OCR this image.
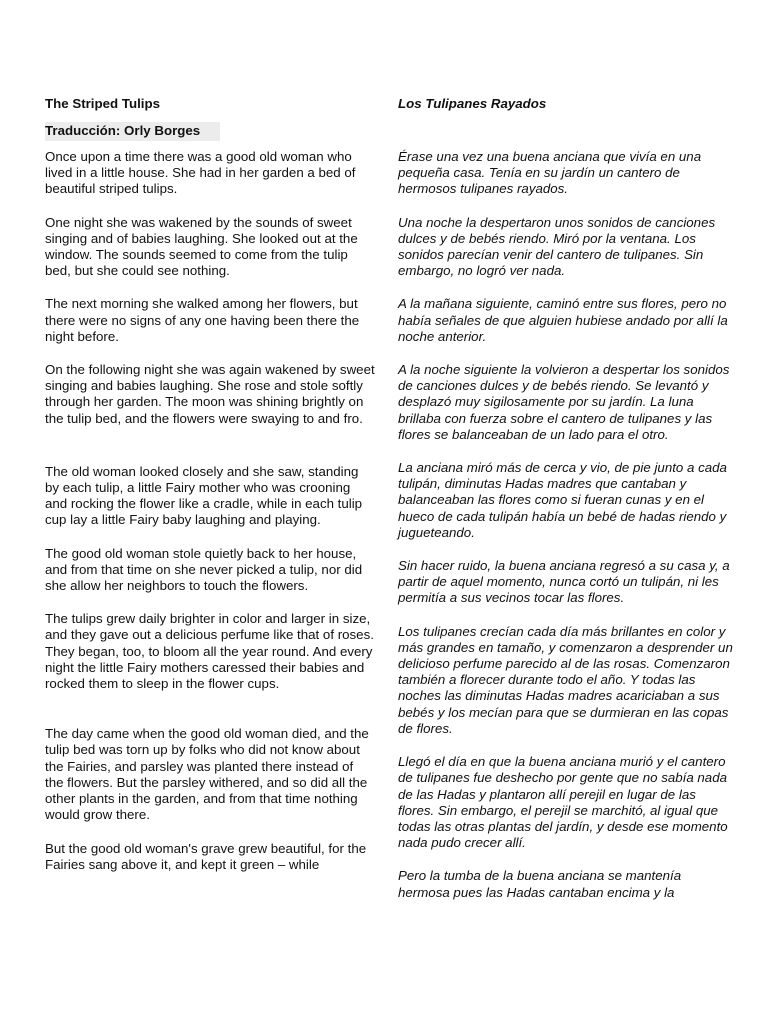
The Striped Tulips
Traducción: Orly Borges

Once upon a time there was a good old woman who lived in a little house. She had in her garden a bed of beautiful striped tulips.

One night she was wakened by the sounds of sweet singing and of babies laughing. She looked out at the window. The sounds seemed to come from the tulip bed, but she could see nothing.

The next morning she walked among her flowers, but there were no signs of any one having been there the night before.

On the following night she was again wakened by sweet singing and babies laughing. She rose and stole softly through her garden. The moon was shining brightly on the tulip bed, and the flowers were swaying to and fro.

The old woman looked closely and she saw, standing by each tulip, a little Fairy mother who was crooning and rocking the flower like a cradle, while in each tulip cup lay a little Fairy baby laughing and playing.

The good old woman stole quietly back to her house, and from that time on she never picked a tulip, nor did she allow her neighbors to touch the flowers.

The tulips grew daily brighter in color and larger in size, and they gave out a delicious perfume like that of roses. They began, too, to bloom all the year round. And every night the little Fairy mothers caressed their babies and rocked them to sleep in the flower cups.

The day came when the good old woman died, and the tulip bed was torn up by folks who did not know about the Fairies, and parsley was planted there instead of the flowers. But the parsley withered, and so did all the other plants in the garden, and from that time nothing would grow there.

But the good old woman's grave grew beautiful, for the Fairies sang above it, and kept it green – while

Los Tulipanes Rayados

Érase una vez una buena anciana que vivía en una pequeña casa. Tenía en su jardín un cantero de hermosos tulipanes rayados.

Una noche la despertaron unos sonidos de canciones dulces y de bebés riendo. Miró por la ventana. Los sonidos parecían venir del cantero de tulipanes. Sin embargo, no logró ver nada.

A la mañana siguiente, caminó entre sus flores, pero no había señales de que alguien hubiese andado por allí la noche anterior.

A la noche siguiente la volvieron a despertar los sonidos de canciones dulces y de bebés riendo. Se levantó y desplazó muy sigilosamente por su jardín. La luna brillaba con fuerza sobre el cantero de tulipanes y las flores se balanceaban de un lado para el otro.

La anciana miró más de cerca y vio, de pie junto a cada tulipán, diminutas Hadas madres que cantaban y balanceaban las flores como si fueran cunas y en el hueco de cada tulipán había un bebé de hadas riendo y jugueteando.

Sin hacer ruido, la buena anciana regresó a su casa y, a partir de aquel momento, nunca cortó un tulipán, ni les permitía a sus vecinos tocar las flores.

Los tulipanes crecían cada día más brillantes en color y más grandes en tamaño, y comenzaron a desprender un delicioso perfume parecido al de las rosas. Comenzaron también a florecer durante todo el año. Y todas las noches las diminutas Hadas madres acariciaban a sus bebés y los mecían para que se durmieran en las copas de flores.

Llegó el día en que la buena anciana murió y el cantero de tulipanes fue deshecho por gente que no sabía nada de las Hadas y plantaron allí perejil en lugar de las flores. Sin embargo, el perejil se marchitó, al igual que todas las otras plantas del jardín, y desde ese momento nada pudo crecer allí.

Pero la tumba de la buena anciana se mantenía hermosa pues las Hadas cantaban encima y la
